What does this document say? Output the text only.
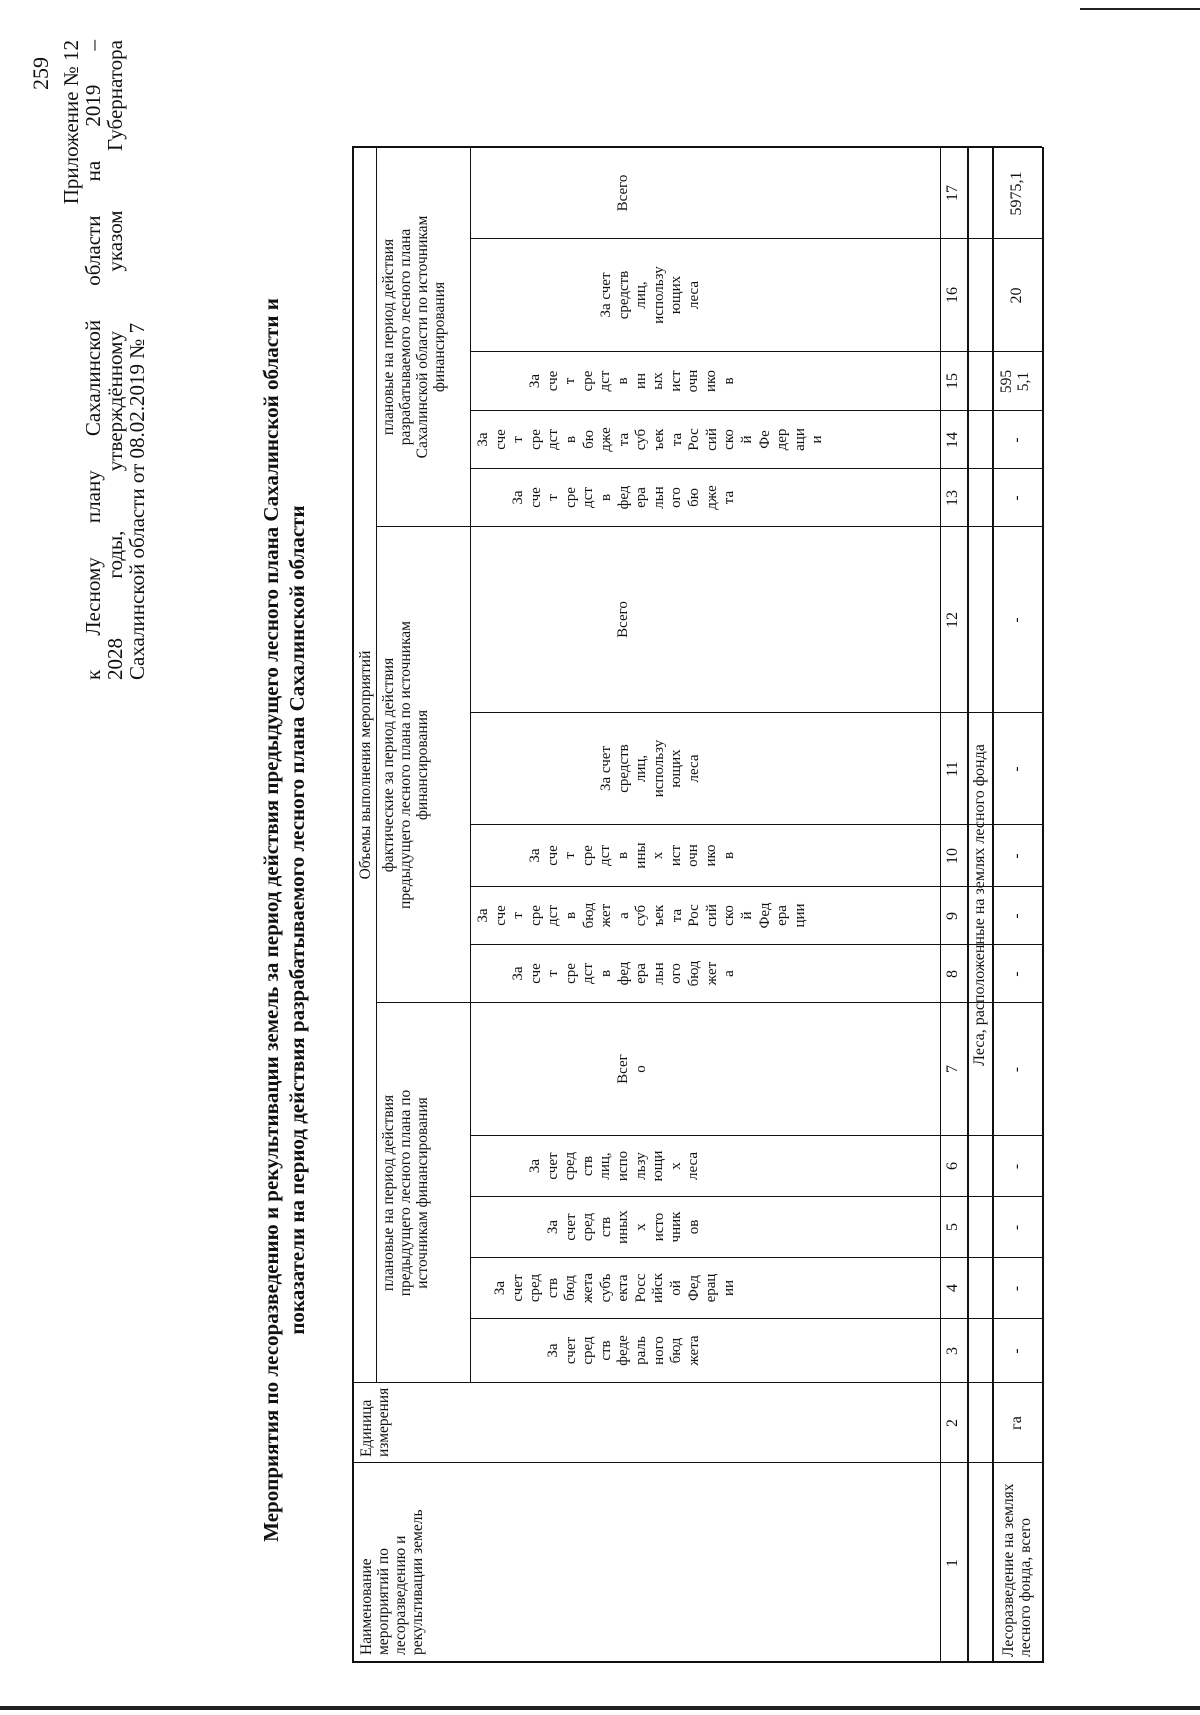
259 Приложение № 12
к Лесному плану Сахалинской области на 2019 –
2028 годы, утверждённому указом Губернатора
Сахалинской области от 08.02.2019 № 7	Мероприятия по лесоразведению и рекультивации земель за период действия предыдущего лесного плана Сахалинской области и показатели на период действия разрабатываемого лесного плана Сахалинской области
Наименование мероприятий по лесоразведению и рекультивации земель
Единица измерения
Объемы выполнения мероприятий
плановые на период действия предыдущего лесного плана по источникам финансирования
фактические за период действия предыдущего лесного плана по источникам финансирования
плановые на период действия разрабатываемого лесного плана Сахалинской области по источникам финансирования
За счет сред ств феде раль ного бюд жета
За счет сред ств бюд жета субъ екта Росс ийск ой Фед ерац ии
За счет сред ств иных х исто чник ов
За счет сред ств лиц, испо льзу ющи х леса
Всег о
За сче т сре дст в фед ера льн ого бюд жет а
За сче т сре дст в бюд жет а суб ъек та Рос сий ско й Фед ера ции
За сче т сре дст в ины х ист очн ико в
За счет средств лиц, использу ющих леса
Всего
За сче т сре дст в фед ера льн ого бю дже та
За сче т сре дст в бю дже та суб ъек та Рос сий ско й Фе дер аци и
За сче т сре дст в ин ых ист очн ико в
За счет средств лиц, использу ющих леса
Всего
1
2
3
4
5
6
7
8
9
10
11
12
13
14
15
16
17
Леса, расположенные на землях лесного фонда
Лесоразведение на землях лесного фонда, всего
га
-
-
-
-
-
-
-
-
-
-
-
-
595 5,1
20
5975,1
